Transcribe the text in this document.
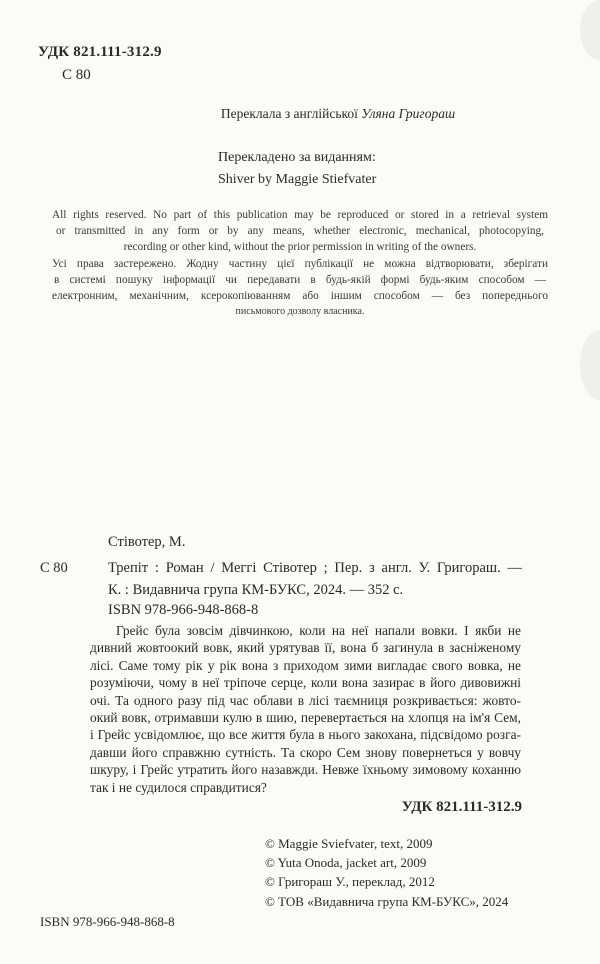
УДК 821.111-312.9
С 80
Переклала з англійської Уляна Григораш
Перекладено за виданням:
Shiver by Maggie Stiefvater
All rights reserved. No part of this publication may be reproduced or stored in a retrieval system
or transmitted in any form or by any means, whether electronic, mechanical, photocopying,
recording or other kind, without the prior permission in writing of the owners.
Усі права застережено. Жодну частину цієї публікації не можна відтворювати, зберігати
в системі пошуку інформації чи передавати в будь-якій формі будь-яким способом —
електронним, механічним, ксерокопіюванням або іншим способом — без попереднього
письмового дозволу власника.
Стівотер, М.
С 80	Трепіт : Роман / Меггі Стівотер ; Пер. з англ. У. Григораш. —
К. : Видавнича група КМ-БУКС, 2024. — 352 с.
ISBN 978-966-948-868-8
Грейс була зовсім дівчинкою, коли на неї напали вовки. І якби не
дивний жовтоокий вовк, який урятував її, вона б загинула в засніженому
лісі. Саме тому рік у рік вона з приходом зими вигладає свого вовка, не
розуміючи, чому в неї тріпоче серце, коли вона зазирає в його дивовижні
очі. Та одного разу під час облави в лісі таємниця розкривається: жовто-
окий вовк, отримавши кулю в шию, перевертається на хлопця на ім'я Сем,
і Грейс усвідомлює, що все життя була в нього закохана, підсвідомо розга-
давши його справжню сутність. Та скоро Сем знову повернеться у вовчу
шкуру, і Грейс утратить його назавжди. Невже їхньому зимовому коханню
так і не судилося справдитися?
УДК 821.111-312.9
© Maggie Sviefvater, text, 2009
© Yuta Onoda, jacket art, 2009
© Григораш У., переклад, 2012
© ТОВ «Видавнича група КМ-БУКС», 2024
ISBN 978-966-948-868-8
